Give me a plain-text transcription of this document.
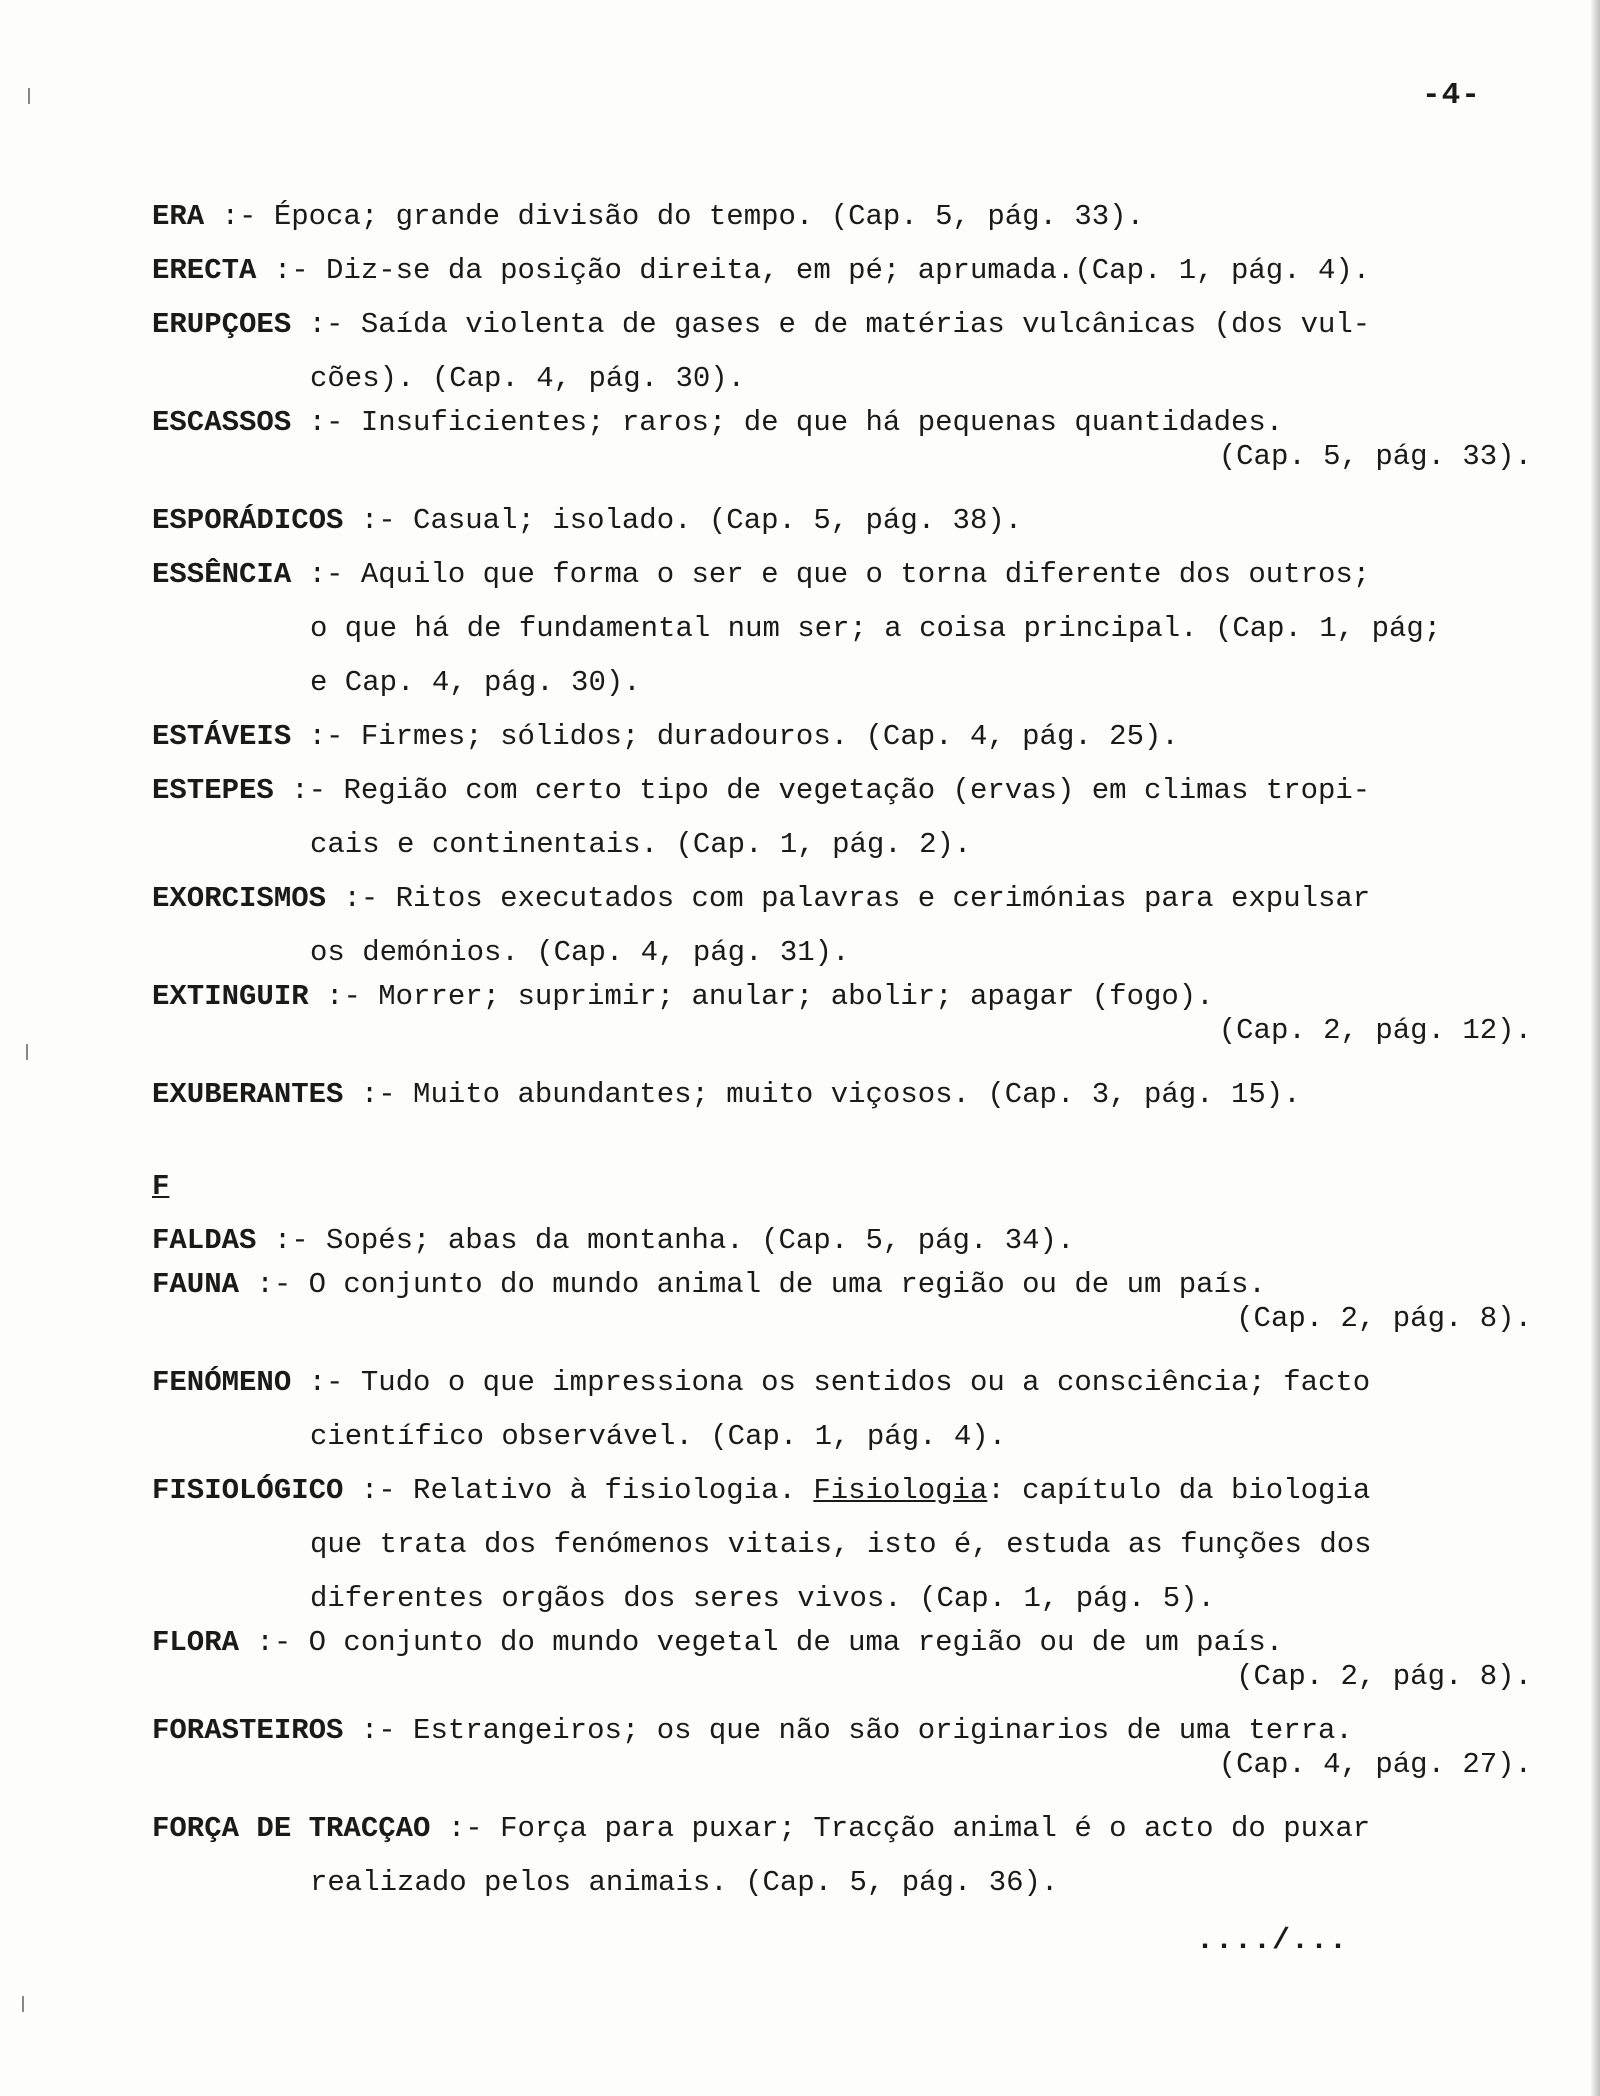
-4-
ERA :- Época; grande divisão do tempo. (Cap. 5, pág. 33).
ERECTA :- Diz-se da posição direita, em pé; aprumada.(Cap. 1, pág. 4).
ERUPÇOES :- Saída violenta de gases e de matérias vulcânicas (dos vul-
cões). (Cap. 4, pág. 30).
ESCASSOS :- Insuficientes; raros; de que há pequenas quantidades.
(Cap. 5, pág. 33).
ESPORÁDICOS :- Casual; isolado. (Cap. 5, pág. 38).
ESSÊNCIA :- Aquilo que forma o ser e que o torna diferente dos outros;
o que há de fundamental num ser; a coisa principal. (Cap. 1, pág;
e Cap. 4, pág. 30).
ESTÁVEIS :- Firmes; sólidos; duradouros. (Cap. 4, pág. 25).
ESTEPES :- Região com certo tipo de vegetação (ervas) em climas tropi-
cais e continentais. (Cap. 1, pág. 2).
EXORCISMOS :- Ritos executados com palavras e cerimónias para expulsar
os demónios. (Cap. 4, pág. 31).
EXTINGUIR :- Morrer; suprimir; anular; abolir; apagar (fogo).
(Cap. 2, pág. 12).
EXUBERANTES :- Muito abundantes; muito viçosos. (Cap. 3, pág. 15).
F
FALDAS :- Sopés; abas da montanha. (Cap. 5, pág. 34).
FAUNA :- O conjunto do mundo animal de uma região ou de um país.
(Cap. 2, pág. 8).
FENÓMENO :- Tudo o que impressiona os sentidos ou a consciência; facto
científico observável. (Cap. 1, pág. 4).
FISIOLÓGICO :- Relativo à fisiologia. Fisiologia: capítulo da biologia
que trata dos fenómenos vitais, isto é, estuda as funções dos
diferentes orgãos dos seres vivos. (Cap. 1, pág. 5).
FLORA :- O conjunto do mundo vegetal de uma região ou de um país.
(Cap. 2, pág. 8).
FORASTEIROS :- Estrangeiros; os que não são originarios de uma terra.
(Cap. 4, pág. 27).
FORÇA DE TRACÇAO :- Força para puxar; Tracção animal é o acto do puxar
realizado pelos animais. (Cap. 5, pág. 36).
..../...
